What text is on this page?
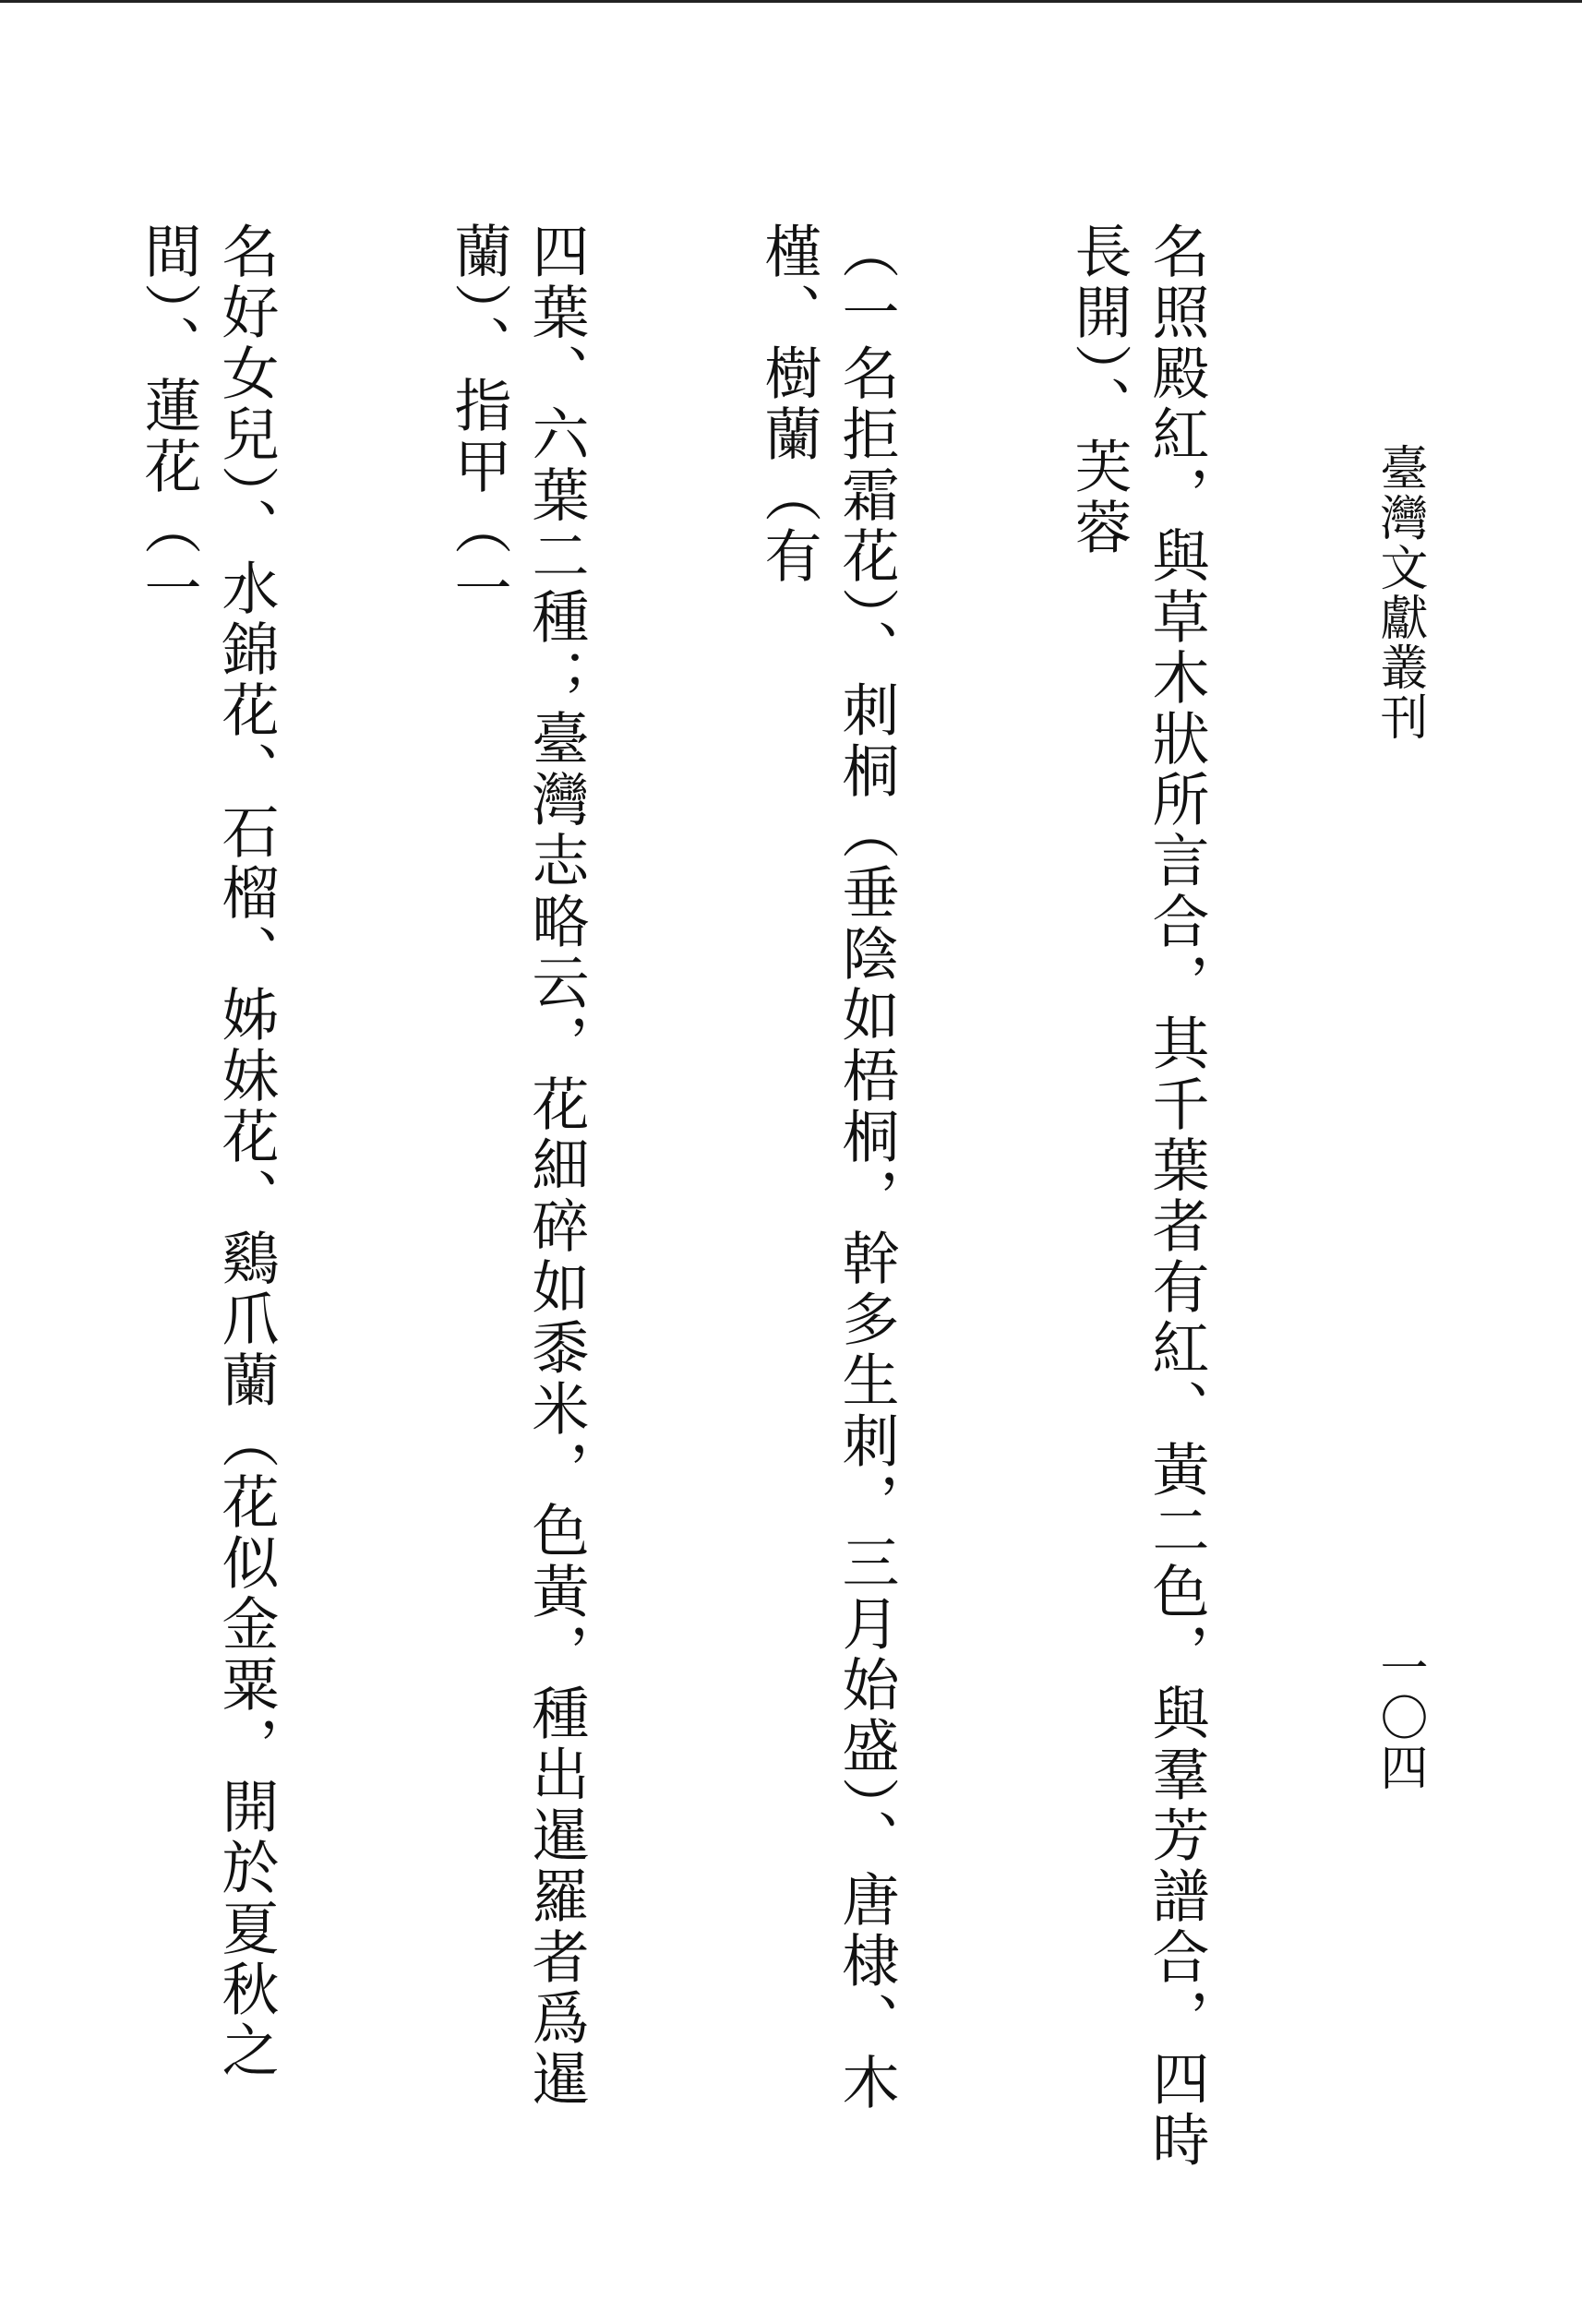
臺灣文獻叢刊
一〇四

名照殿紅，與草木狀所言合，其千葉者有紅、黃二色，與羣芳譜合，四時長開）、芙蓉

（一名拒霜花）、刺桐（垂陰如梧桐，幹多生刺，三月始盛）、唐棣、木槿、樹蘭（有

四葉、六葉二種；臺灣志略云，花細碎如黍米，色黃，種出暹羅者爲暹蘭）、指甲（一

名好女兒）、水錦花、石榴、姊妹花、鷄爪蘭（花似金粟，開於夏秋之間）、蓮花（一
